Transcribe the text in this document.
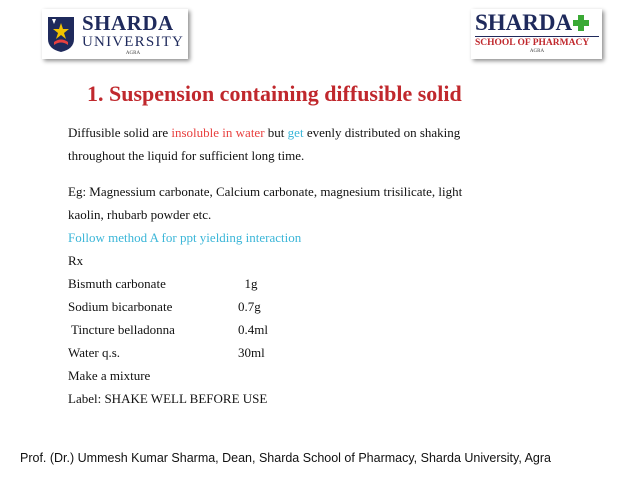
SHARDA
UNIVERSITY
AGRA
SHARDA
SCHOOL OF PHARMACY
AGRA
1. Suspension containing diffusible solid

Diffusible solid are insoluble in water but get evenly distributed on shaking

throughout the liquid for sufficient long time.

Eg: Magnessium carbonate, Calcium carbonate, magnesium trisilicate, light

kaolin, rhubarb powder etc.

Follow method A for ppt yielding interaction

Rx

Bismuth carbonate	1g
Sodium bicarbonate	0.7g
Tincture belladonna	0.4ml
Water q.s.	30ml

Make a mixture

Label: SHAKE WELL BEFORE USE

Prof. (Dr.) Ummesh Kumar Sharma, Dean, Sharda School of Pharmacy, Sharda University, Agra
